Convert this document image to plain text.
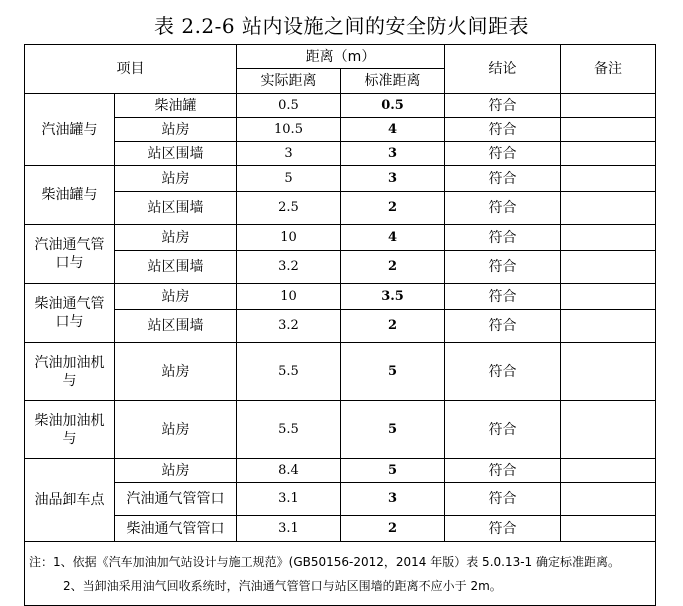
表 2.2-6 站内设施之间的安全防火间距表
项目		距离（m）		结论	备注
		实际距离	标准距离		
汽油罐与	柴油罐	0.5	0.5	符合	
	站房	10.5	4	符合	
	站区围墙	3	3	符合	
柴油罐与	站房	5	3	符合	
	站区围墙	2.5	2	符合	
汽油通气管口与	站房	10	4	符合	
	站区围墙	3.2	2	符合	
柴油通气管口与	站房	10	3.5	符合	
	站区围墙	3.2	2	符合	
汽油加油机与	站房	5.5	5	符合	
柴油加油机与	站房	5.5	5	符合	
油品卸车点	站房	8.4	5	符合	
	汽油通气管管口	3.1	3	符合	
	柴油通气管管口	3.1	2	符合	
注：1、依据《汽车加油加气站设计与施工规范》(GB50156-2012，2014 年版）表 5.0.13-1 确定标准距离。
2、当卸油采用油气回收系统时，汽油通气管管口与站区围墙的距离不应小于 2m。					
